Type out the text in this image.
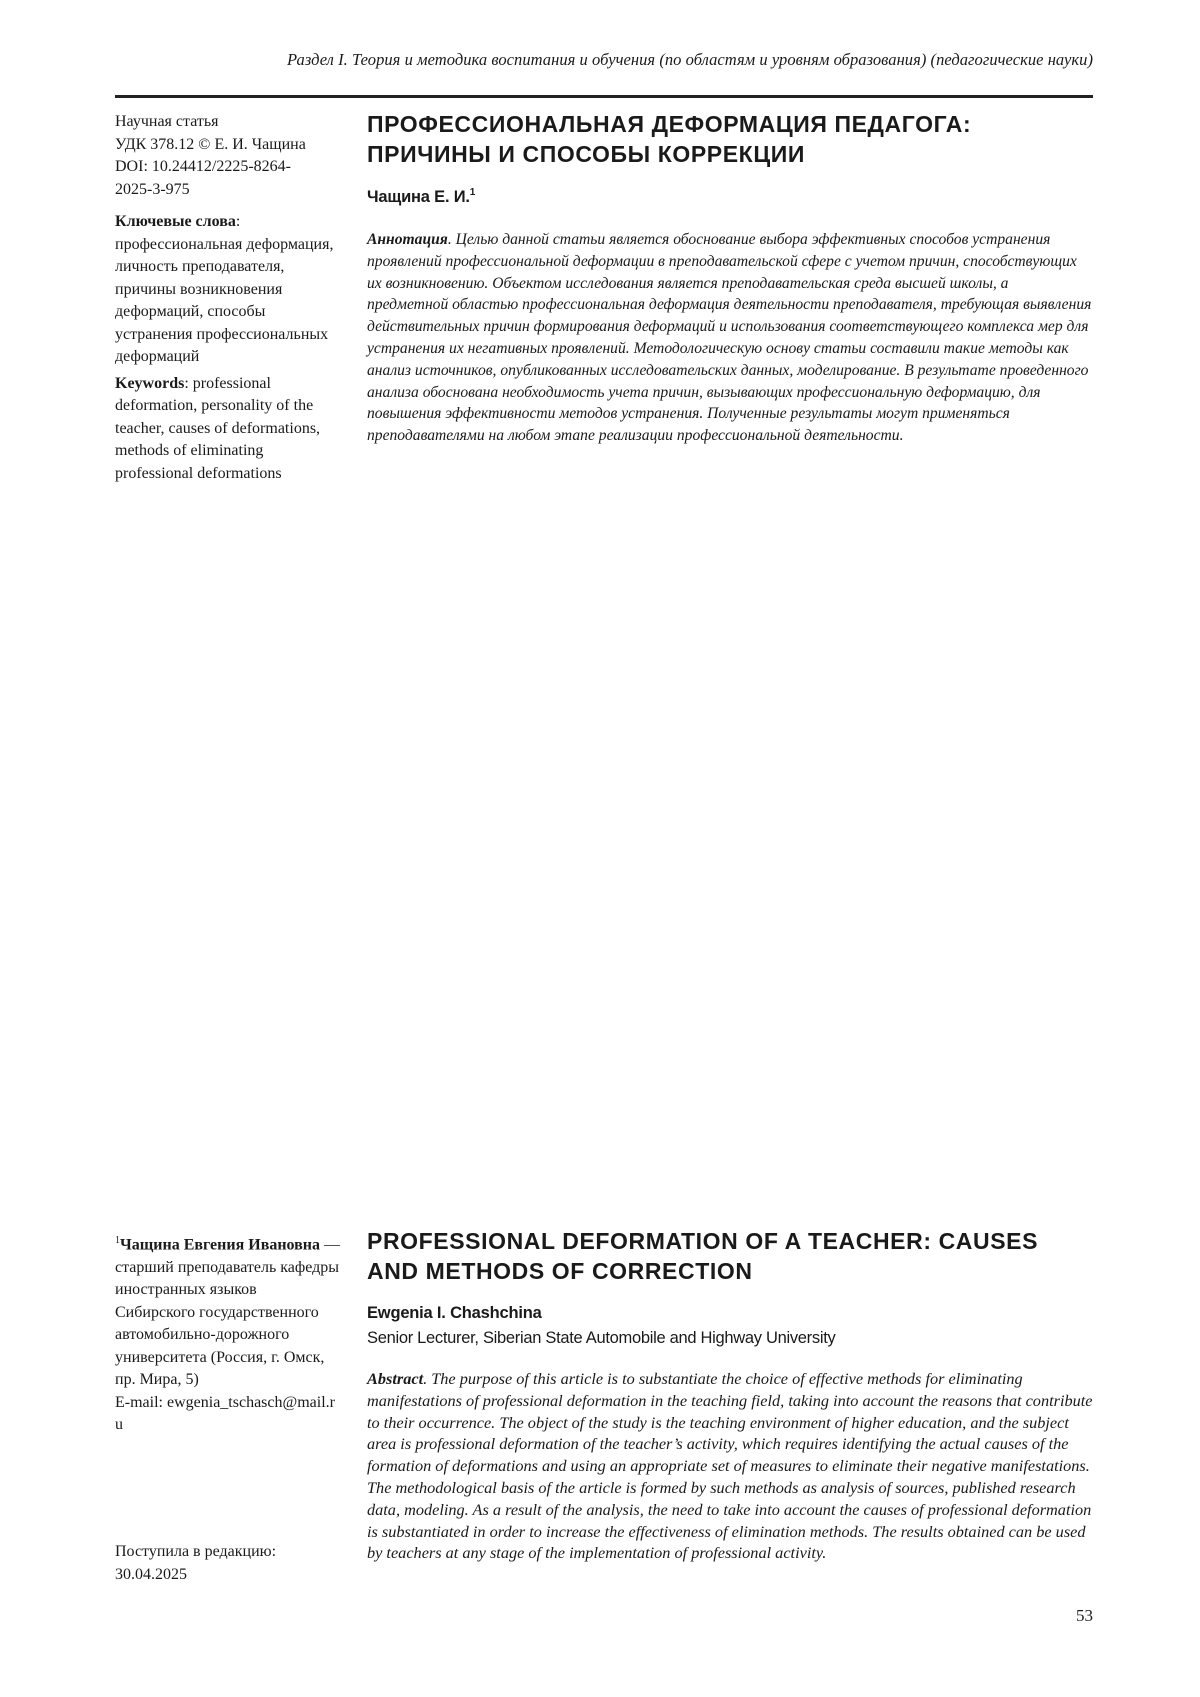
Раздел I. Теория и методика воспитания и обучения (по областям и уровням образования) (педагогические науки)
Научная статья
УДК 378.12 © Е. И. Чащина
DOI: 10.24412/2225-8264-
2025-3-975
Ключевые слова: профессиональная деформация, личность преподавателя, причины возникновения деформаций, способы устранения профессиональных деформаций
Keywords: professional deformation, personality of the teacher, causes of deformations, methods of eliminating professional deformations
ПРОФЕССИОНАЛЬНАЯ ДЕФОРМАЦИЯ ПЕДАГОГА: ПРИЧИНЫ И СПОСОБЫ КОРРЕКЦИИ
Чащина Е. И.1
Аннотация. Целью данной статьи является обоснование выбора эффективных способов устранения проявлений профессиональной деформации в преподавательской сфере с учетом причин, способствующих их возникновению. Объектом исследования является преподавательская среда высшей школы, а предметной областью профессиональная деформация деятельности преподавателя, требующая выявления действительных причин формирования деформаций и использования соответствующего комплекса мер для устранения их негативных проявлений. Методологическую основу статьи составили такие методы как анализ источников, опубликованных исследовательских данных, моделирование. В результате проведенного анализа обоснована необходимость учета причин, вызывающих профессиональную деформацию, для повышения эффективности методов устранения. Полученные результаты могут применяться преподавателями на любом этапе реализации профессиональной деятельности.
1Чащина Евгения Ивановна — старший преподаватель кафедры иностранных языков Сибирского государственного автомобильно-дорожного университета (Россия, г. Омск, пр. Мира, 5)
E-mail: ewgenia_tschasch@mail.ru
Поступила в редакцию:
30.04.2025
PROFESSIONAL DEFORMATION OF A TEACHER: CAUSES AND METHODS OF CORRECTION
Ewgenia I. Chashchina
Senior Lecturer, Siberian State Automobile and Highway University
Abstract. The purpose of this article is to substantiate the choice of effective methods for eliminating manifestations of professional deformation in the teaching field, taking into account the reasons that contribute to their occurrence. The object of the study is the teaching environment of higher education, and the subject area is professional deformation of the teacher’s activity, which requires identifying the actual causes of the formation of deformations and using an appropriate set of measures to eliminate their negative manifestations. The methodological basis of the article is formed by such methods as analysis of sources, published research data, modeling. As a result of the analysis, the need to take into account the causes of professional deformation is substantiated in order to increase the effectiveness of elimination methods. The results obtained can be used by teachers at any stage of the implementation of professional activity.
53
